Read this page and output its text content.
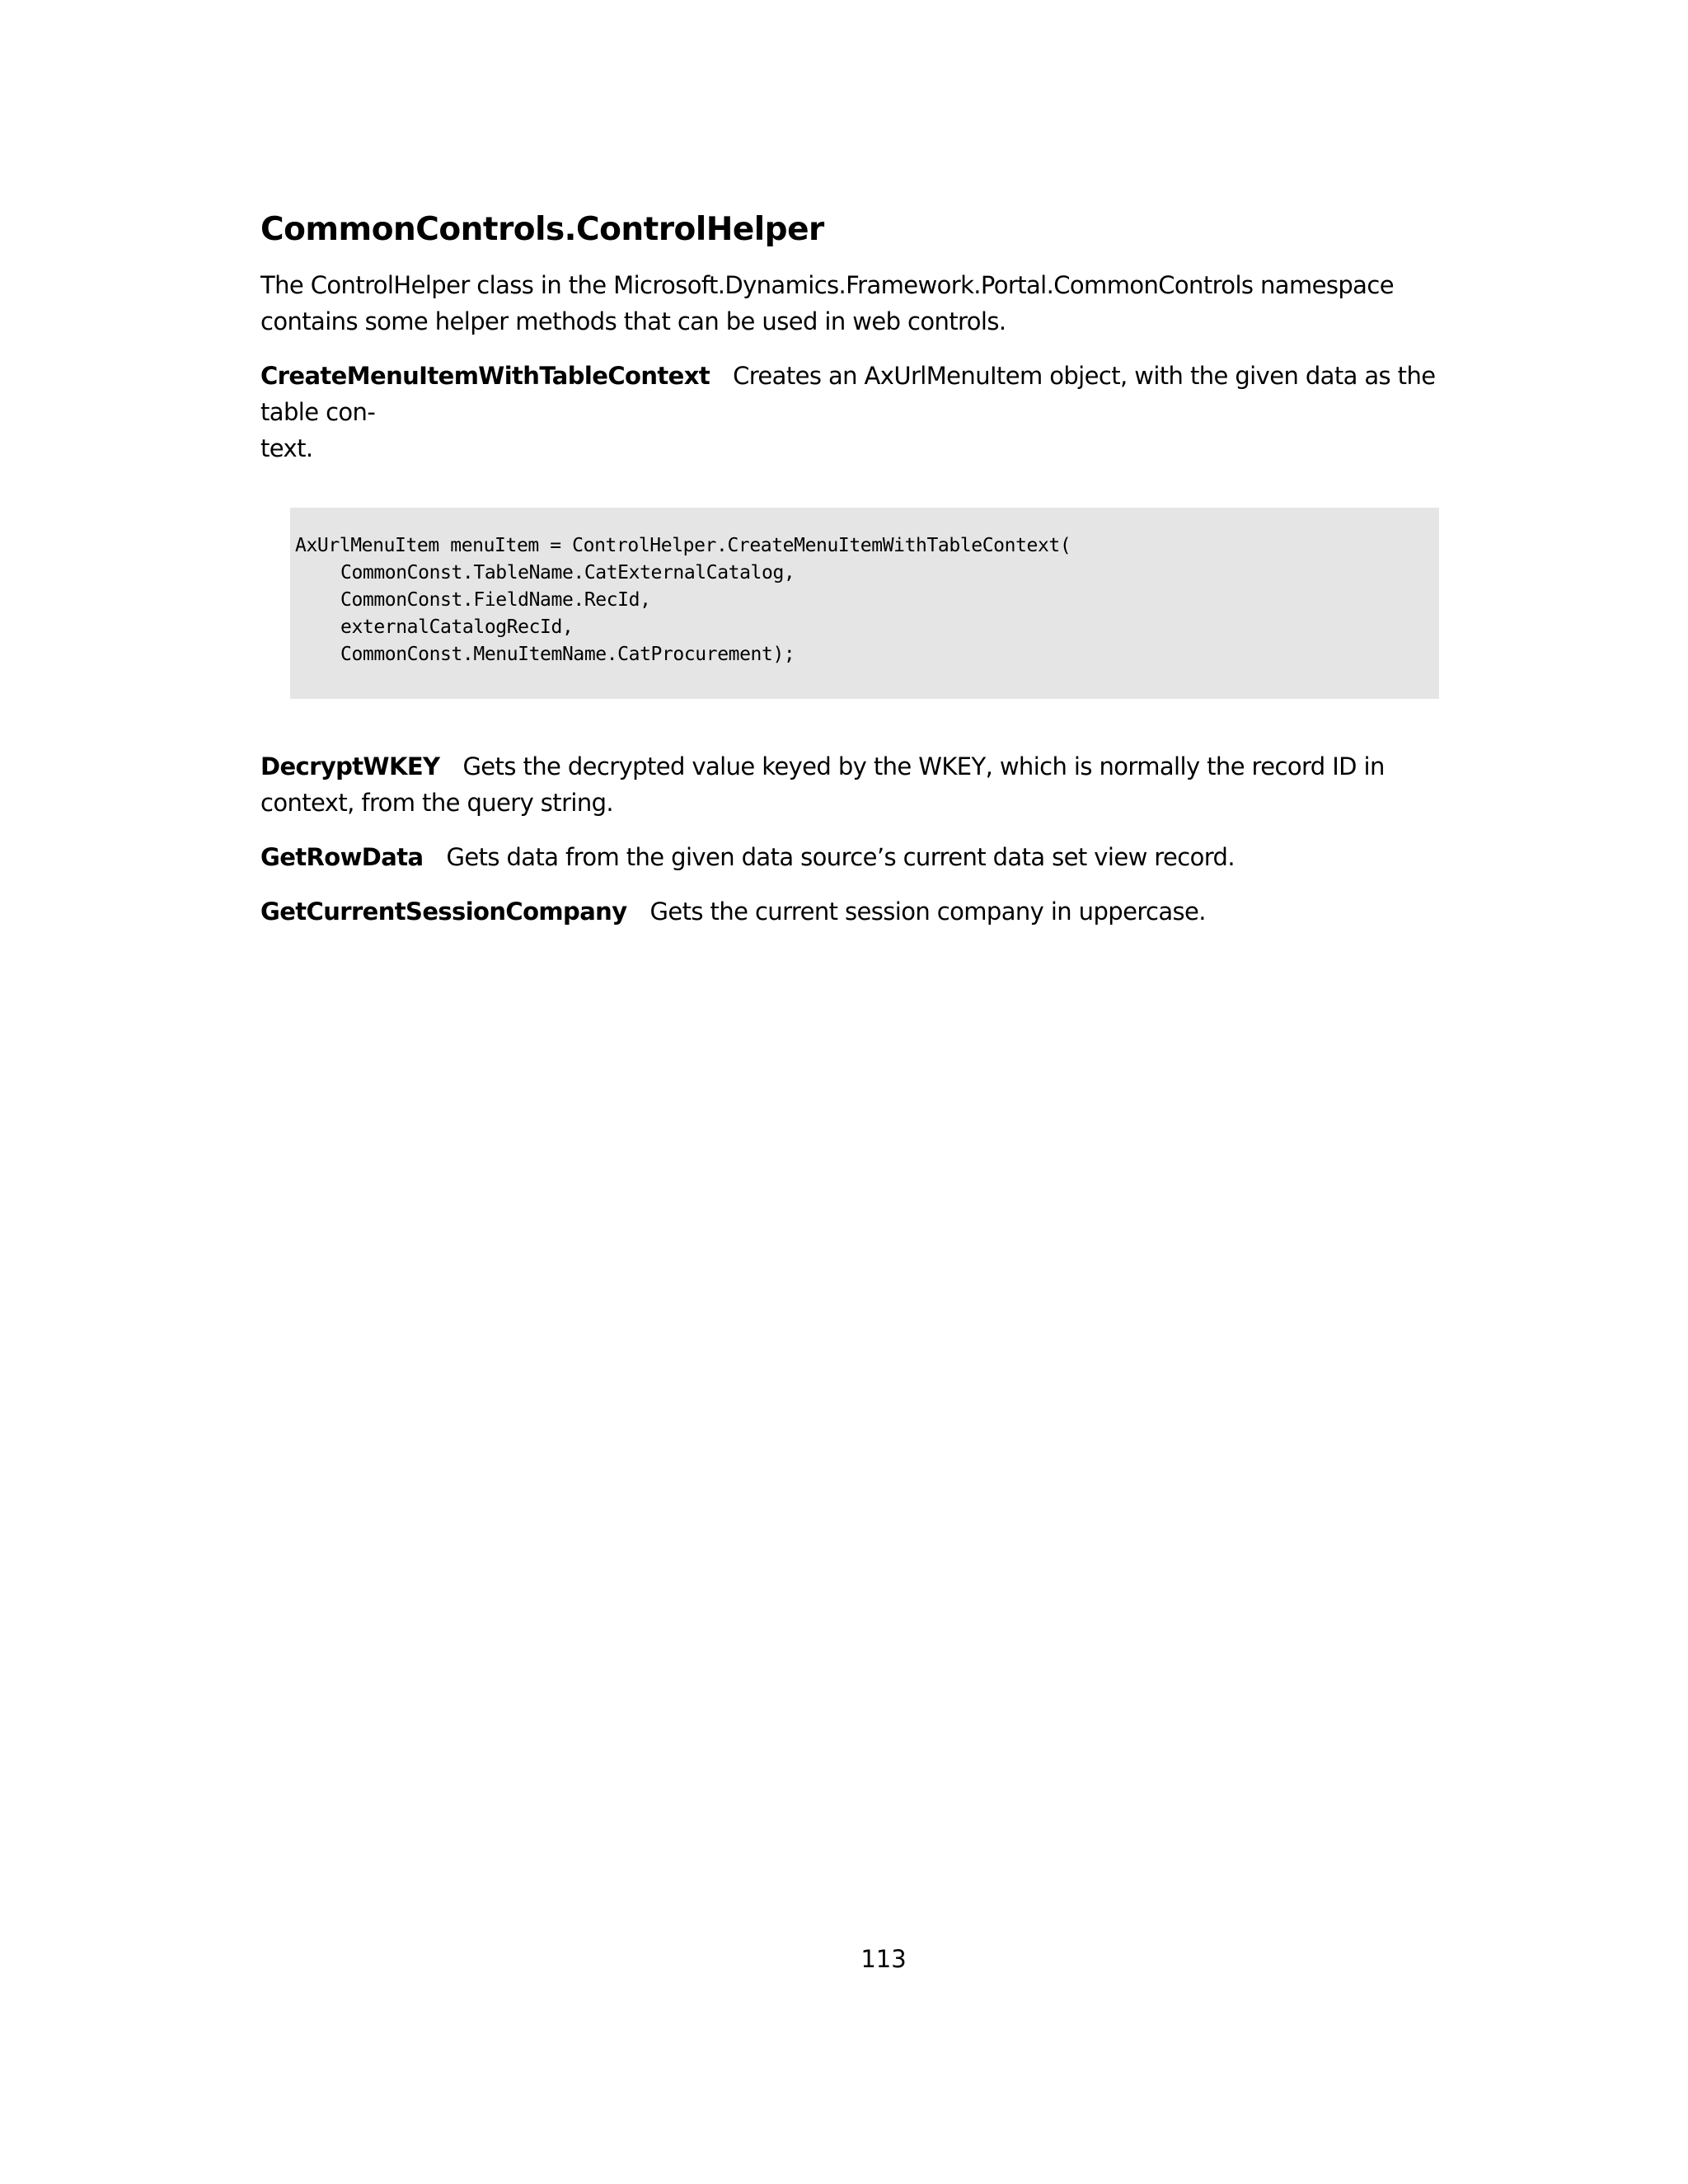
CommonControls.ControlHelper

The ControlHelper class in the Microsoft.Dynamics.Framework.Portal.CommonControls namespace contains some helper methods that can be used in web controls.

CreateMenuItemWithTableContext Creates an AxUrlMenuItem object, with the given data as the table con-
text.

AxUrlMenuItem menuItem = ControlHelper.CreateMenuItemWithTableContext(
CommonConst.TableName.CatExternalCatalog,
CommonConst.FieldName.RecId,
externalCatalogRecId,
CommonConst.MenuItemName.CatProcurement);

DecryptWKEY Gets the decrypted value keyed by the WKEY, which is normally the record ID in context, from the query string.

GetRowData Gets data from the given data source’s current data set view record.

GetCurrentSessionCompany Gets the current session company in uppercase.

113
